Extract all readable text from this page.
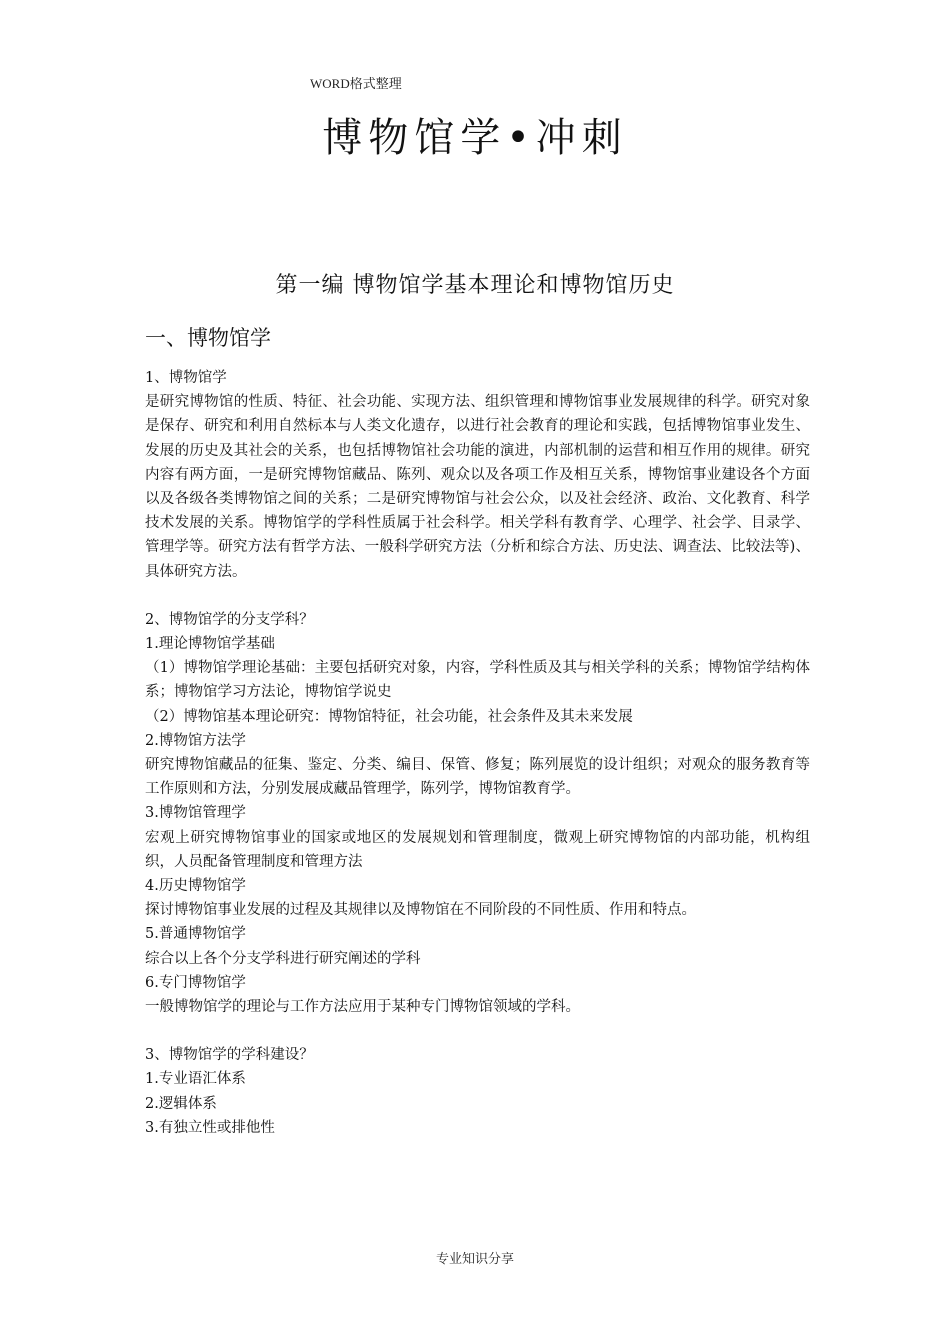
WORD格式整理
博物馆学•冲刺
第一编 博物馆学基本理论和博物馆历史
一、博物馆学

1、博物馆学

是研究博物馆的性质、特征、社会功能、实现方法、组织管理和博物馆事业发展规律的科学。研究对象是保存、研究和利用自然标本与人类文化遗存，以进行社会教育的理论和实践，包括博物馆事业发生、发展的历史及其社会的关系，也包括博物馆社会功能的演进，内部机制的运营和相互作用的规律。研究内容有两方面，一是研究博物馆藏品、陈列、观众以及各项工作及相互关系，博物馆事业建设各个方面以及各级各类博物馆之间的关系；二是研究博物馆与社会公众，以及社会经济、政治、文化教育、科学技术发展的关系。博物馆学的学科性质属于社会科学。相关学科有教育学、心理学、社会学、目录学、管理学等。研究方法有哲学方法、一般科学研究方法（分析和综合方法、历史法、调查法、比较法等)、具体研究方法。

2、博物馆学的分支学科？

1.理论博物馆学基础

（1）博物馆学理论基础：主要包括研究对象，内容，学科性质及其与相关学科的关系；博物馆学结构体系；博物馆学习方法论，博物馆学说史

（2）博物馆基本理论研究：博物馆特征，社会功能，社会条件及其未来发展

2.博物馆方法学

研究博物馆藏品的征集、鉴定、分类、编目、保管、修复；陈列展览的设计组织；对观众的服务教育等工作原则和方法，分别发展成藏品管理学，陈列学，博物馆教育学。

3.博物馆管理学

宏观上研究博物馆事业的国家或地区的发展规划和管理制度，微观上研究博物馆的内部功能，机构组织，人员配备管理制度和管理方法

4.历史博物馆学

探讨博物馆事业发展的过程及其规律以及博物馆在不同阶段的不同性质、作用和特点。

5.普通博物馆学

综合以上各个分支学科进行研究阐述的学科

6.专门博物馆学

一般博物馆学的理论与工作方法应用于某种专门博物馆领域的学科。

3、博物馆学的学科建设？

1.专业语汇体系

2.逻辑体系

3.有独立性或排他性

专业知识分享
